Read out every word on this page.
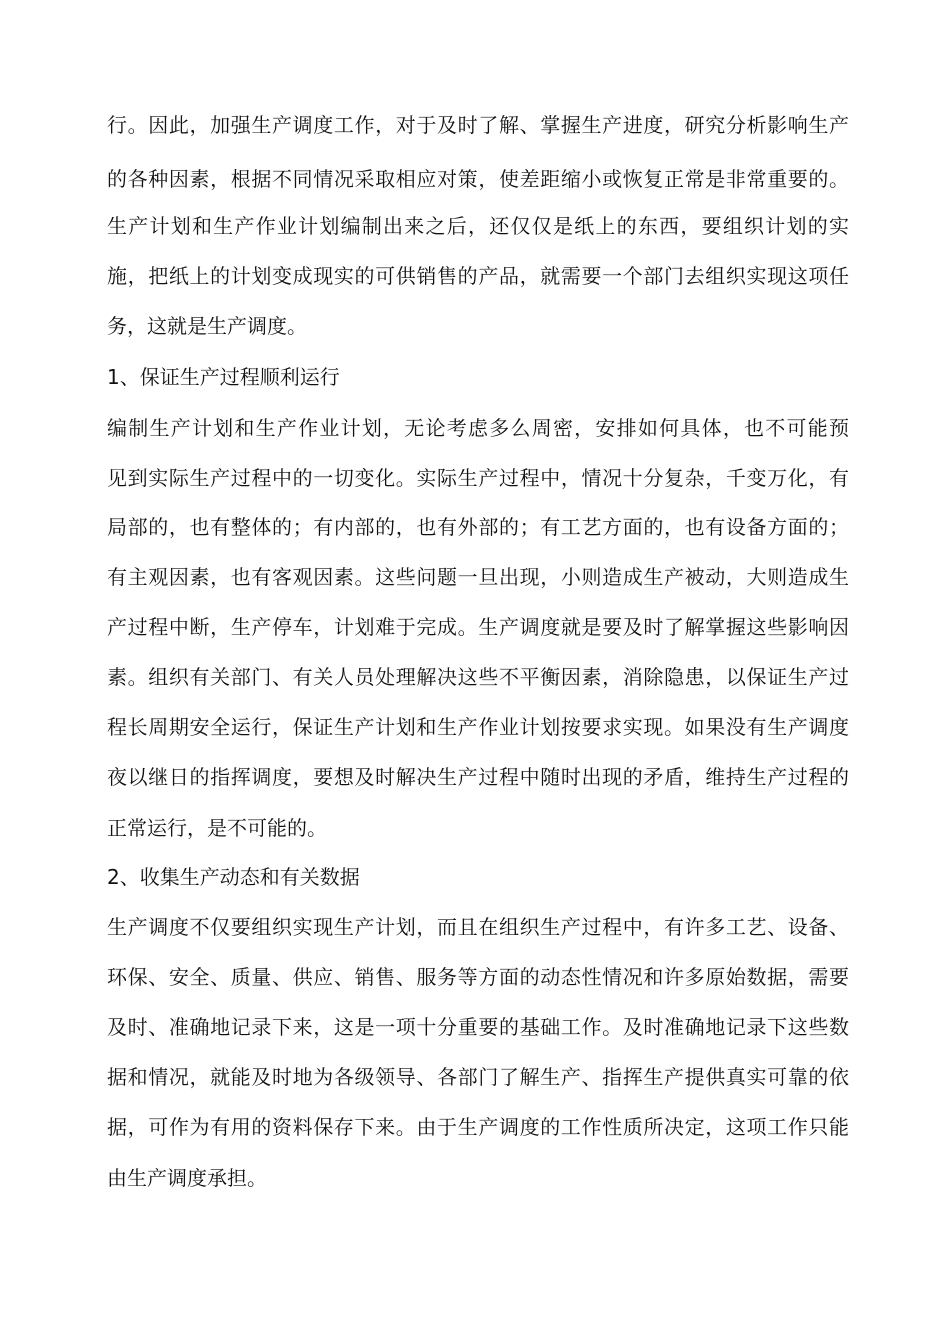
行。因此，加强生产调度工作，对于及时了解、掌握生产进度，研究分析影响生产
的各种因素，根据不同情况采取相应对策，使差距缩小或恢复正常是非常重要的。
生产计划和生产作业计划编制出来之后，还仅仅是纸上的东西，要组织计划的实
施，把纸上的计划变成现实的可供销售的产品，就需要一个部门去组织实现这项任
务，这就是生产调度。
1、保证生产过程顺利运行
编制生产计划和生产作业计划，无论考虑多么周密，安排如何具体，也不可能预
见到实际生产过程中的一切变化。实际生产过程中，情况十分复杂，千变万化，有
局部的，也有整体的；有内部的，也有外部的；有工艺方面的，也有设备方面的；
有主观因素，也有客观因素。这些问题一旦出现，小则造成生产被动，大则造成生
产过程中断，生产停车，计划难于完成。生产调度就是要及时了解掌握这些影响因
素。组织有关部门、有关人员处理解决这些不平衡因素，消除隐患，以保证生产过
程长周期安全运行，保证生产计划和生产作业计划按要求实现。如果没有生产调度
夜以继日的指挥调度，要想及时解决生产过程中随时出现的矛盾，维持生产过程的
正常运行，是不可能的。
2、收集生产动态和有关数据
生产调度不仅要组织实现生产计划，而且在组织生产过程中，有许多工艺、设备、
环保、安全、质量、供应、销售、服务等方面的动态性情况和许多原始数据，需要
及时、准确地记录下来，这是一项十分重要的基础工作。及时准确地记录下这些数
据和情况，就能及时地为各级领导、各部门了解生产、指挥生产提供真实可靠的依
据，可作为有用的资料保存下来。由于生产调度的工作性质所决定，这项工作只能
由生产调度承担。
